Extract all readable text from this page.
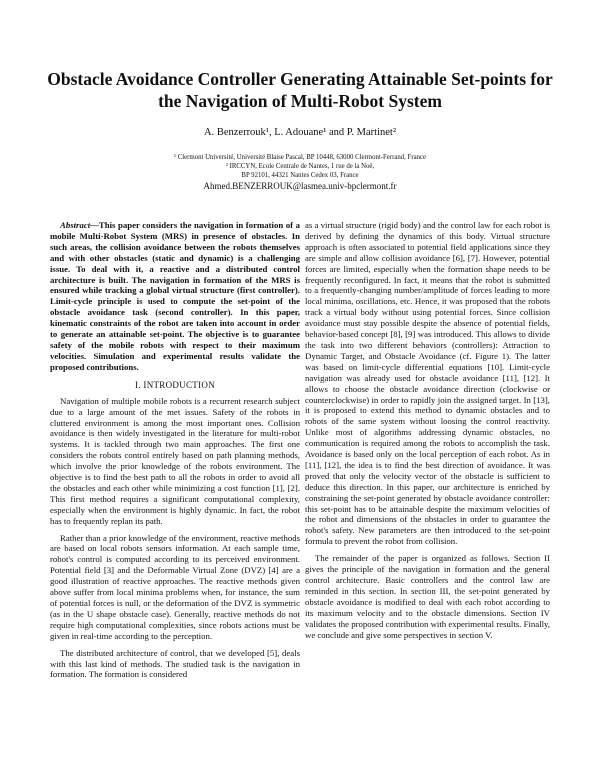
Obstacle Avoidance Controller Generating Attainable Set-points for the Navigation of Multi-Robot System
A. Benzerrouk¹, L. Adouane¹ and P. Martinet²
¹ Clermont Université, Université Blaise Pascal, BP 10448, 63000 Clermont-Ferrand, France
² IRCCYN, Ecole Centrale de Nantes, 1 rue de la Noë,
BP 92101, 44321 Nantes Cedex 03, France
Ahmed.BENZERROUK@lasmea.univ-bpclermont.fr

Abstract—This paper considers the navigation in formation of a mobile Multi-Robot System (MRS) in presence of obstacles. In such areas, the collision avoidance between the robots themselves and with other obstacles (static and dynamic) is a challenging issue. To deal with it, a reactive and a distributed control architecture is built. The navigation in formation of the MRS is ensured while tracking a global virtual structure (first controller). Limit-cycle principle is used to compute the set-point of the obstacle avoidance task (second controller). In this paper, kinematic constraints of the robot are taken into account in order to generate an attainable set-point. The objective is to guarantee safety of the mobile robots with respect to their maximum velocities. Simulation and experimental results validate the proposed contributions.

I. INTRODUCTION

Navigation of multiple mobile robots is a recurrent research subject due to a large amount of the met issues. Safety of the robots in cluttered environment is among the most important ones. Collision avoidance is then widely investigated in the literature for multi-robot systems. It is tackled through two main approaches. The first one considers the robots control entirely based on path planning methods, which involve the prior knowledge of the robots environment. The objective is to find the best path to all the robots in order to avoid all the obstacles and each other while minimizing a cost function [1], [2]. This first method requires a significant computational complexity, especially when the environment is highly dynamic. In fact, the robot has to frequently replan its path.

Rather than a prior knowledge of the environment, reactive methods are based on local robots sensors information. At each sample time, robot's control is computed according to its perceived environment. Potential field [3] and the Deformable Virtual Zone (DVZ) [4] are a good illustration of reactive approaches. The reactive methods given above suffer from local minima problems when, for instance, the sum of potential forces is null, or the deformation of the DVZ is symmetric (as in the U shape obstacle case). Generally, reactive methods do not require high computational complexities, since robots actions must be given in real-time according to the perception.

The distributed architecture of control, that we developed [5], deals with this last kind of methods. The studied task is the navigation in formation. The formation is considered

as a virtual structure (rigid body) and the control law for each robot is derived by defining the dynamics of this body. Virtual structure approach is often associated to potential field applications since they are simple and allow collision avoidance [6], [7]. However, potential forces are limited, especially when the formation shape needs to be frequently reconfigured. In fact, it means that the robot is submitted to a frequently-changing number/amplitude of forces leading to more local minima, oscillations, etc. Hence, it was proposed that the robots track a virtual body without using potential forces. Since collision avoidance must stay possible despite the absence of potential fields, behavior-based concept [8], [9] was introduced. This allows to divide the task into two different behaviors (controllers): Attraction to Dynamic Target, and Obstacle Avoidance (cf. Figure 1). The latter was based on limit-cycle differential equations [10]. Limit-cycle navigation was already used for obstacle avoidance [11], [12]. It allows to choose the obstacle avoidance direction (clockwise or counterclockwise) in order to rapidly join the assigned target. In [13], it is proposed to extend this method to dynamic obstacles and to robots of the same system without loosing the control reactivity. Unlike most of algorithms addressing dynamic obstacles, no communication is required among the robots to accomplish the task. Avoidance is based only on the local perception of each robot. As in [11], [12], the idea is to find the best direction of avoidance. It was proved that only the velocity vector of the obstacle is sufficient to deduce this direction. In this paper, our architecture is enriched by constraining the set-point generated by obstacle avoidance controller: this set-point has to be attainable despite the maximum velocities of the robot and dimensions of the obstacles in order to guarantee the robot's safety. New parameters are then introduced to the set-point formula to prevent the robot from collision.

The remainder of the paper is organized as follows. Section II gives the principle of the navigation in formation and the general control architecture. Basic controllers and the control law are reminded in this section. In section III, the set-point generated by obstacle avoidance is modified to deal with each robot according to its maximum velocity and to the obstacle dimensions. Section IV validates the proposed contribution with experimental results. Finally, we conclude and give some perspectives in section V.
